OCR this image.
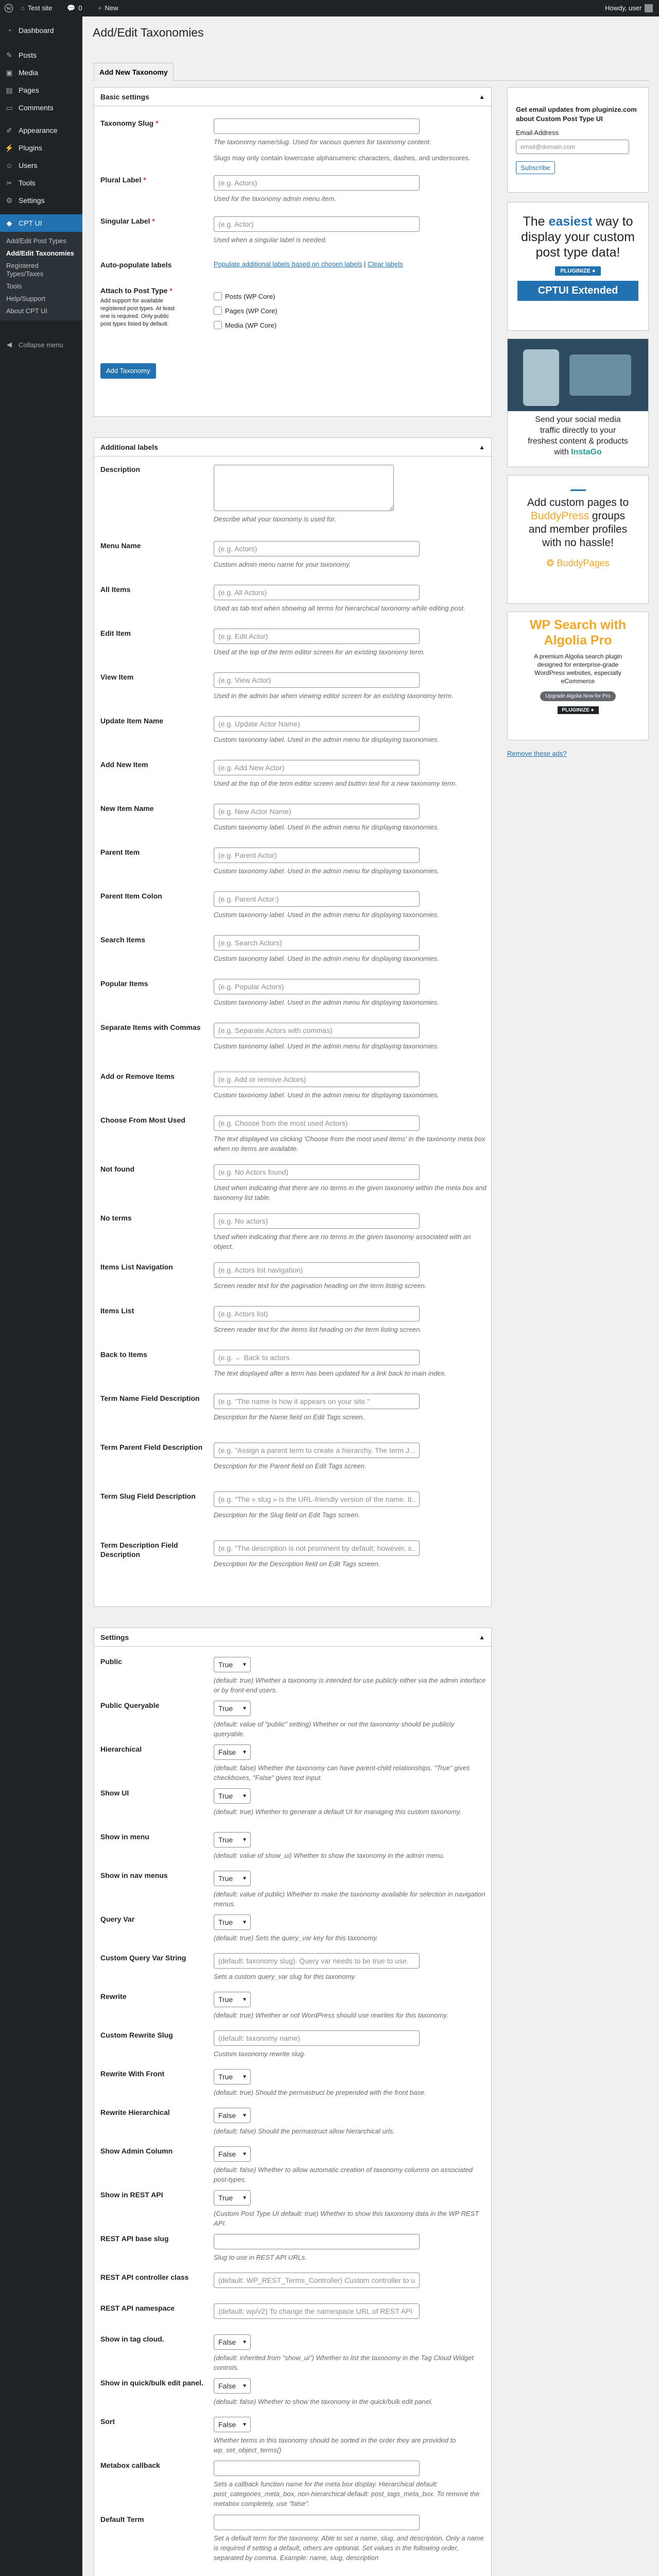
W ⌂ Test site 💬 0 + New	Howdy, user
◔ Dashboard
✎ Posts
▣ Media
▤ Pages
▭ Comments
✐ Appearance
⚡ Plugins
☺ Users
✂ Tools
⚙ Settings
◆ CPT UI
Add/Edit Post Types
Add/Edit Taxonomies
Registered Types/Taxes
Tools
Help/Support
About CPT UI
◀	Collapse menu
Add/Edit Taxonomies
Add New Taxonomy
Basic settings	▲
Taxonomy Slug *
The taxonomy name/slug. Used for various queries for taxonomy content.
Slugs may only contain lowercase alphanumeric characters, dashes, and underscores.
Plural Label *
(e.g. Actors)
Used for the taxonomy admin menu item.
Singular Label *
(e.g. Actor)
Used when a singular label is needed.
Auto-populate labels	Populate additional labels based on chosen labels | Clear labels
Attach to Post Type *
Add support for available registered post types. At least one is required. Only public post types listed by default.
Posts (WP Core)
Pages (WP Core)
Media (WP Core)
Add Taxonomy
Additional labels	▲
Description
Describe what your taxonomy is used for.
Menu Name
(e.g. Actors)
Custom admin menu name for your taxonomy.
All Items
(e.g. All Actors)
Used as tab text when showing all terms for hierarchical taxonomy while editing post.
Edit Item
(e.g. Edit Actor)
Used at the top of the term editor screen for an existing taxonomy term.
View Item
(e.g. View Actor)
Used in the admin bar when viewing editor screen for an existing taxonomy term.
Update Item Name
(e.g. Update Actor Name)
Custom taxonomy label. Used in the admin menu for displaying taxonomies.
Add New Item
(e.g. Add New Actor)
Used at the top of the term editor screen and button text for a new taxonomy term.
New Item Name
(e.g. New Actor Name)
Custom taxonomy label. Used in the admin menu for displaying taxonomies.
Parent Item
(e.g. Parent Actor)
Custom taxonomy label. Used in the admin menu for displaying taxonomies.
Parent Item Colon
(e.g. Parent Actor:)
Custom taxonomy label. Used in the admin menu for displaying taxonomies.
Search Items
(e.g. Search Actors)
Custom taxonomy label. Used in the admin menu for displaying taxonomies.
Popular Items
(e.g. Popular Actors)
Custom taxonomy label. Used in the admin menu for displaying taxonomies.
Separate Items with Commas
(e.g. Separate Actors with commas)
Custom taxonomy label. Used in the admin menu for displaying taxonomies.
Add or Remove Items
(e.g. Add or remove Actors)
Custom taxonomy label. Used in the admin menu for displaying taxonomies.
Choose From Most Used
(e.g. Choose from the most used Actors)
The text displayed via clicking 'Choose from the most used items' in the taxonomy meta box when no items are available.
Not found
(e.g. No Actors found)
Used when indicating that there are no terms in the given taxonomy within the meta box and taxonomy list table.
No terms
(e.g. No actors)
Used when indicating that there are no terms in the given taxonomy associated with an object.
Items List Navigation
(e.g. Actors list navigation)
Screen reader text for the pagination heading on the term listing screen.
Items List
(e.g. Actors list)
Screen reader text for the items list heading on the term listing screen.
Back to Items
(e.g. ← Back to actors
The text displayed after a term has been updated for a link back to main index.
Term Name Field Description
(e.g. "The name is how it appears on your site."
Description for the Name field on Edit Tags screen.
Term Parent Field Description
(e.g. "Assign a parent term to create a hierarchy. The term J...
Description for the Parent field on Edit Tags screen.
Term Slug Field Description
(e.g. "The « slug » is the URL-friendly version of the name. It...
Description for the Slug field on Edit Tags screen.
Term Description Field Description
(e.g. "The description is not prominent by default; however, s...
Description for the Description field on Edit Tags screen.
Settings	▲
Public	True ▼
(default: true) Whether a taxonomy is intended for use publicly either via the admin interface or by front-end users.
Public Queryable	True ▼
(default: value of "public" setting) Whether or not the taxonomy should be publicly queryable.
Hierarchical	False ▼
(default: false) Whether the taxonomy can have parent-child relationships. "True" gives checkboxes, "False" gives text input.
Show UI	True ▼
(default: true) Whether to generate a default UI for managing this custom taxonomy.
Show in menu	True ▼
(default: value of show_ui) Whether to show the taxonomy in the admin menu.
Show in nav menus	True ▼
(default: value of public) Whether to make the taxonomy available for selection in navigation menus.
Query Var	True ▼
(default: true) Sets the query_var key for this taxonomy.
Custom Query Var String
(default: taxonomy slug). Query var needs to be true to use.
Sets a custom query_var slug for this taxonomy.
Rewrite	True ▼
(default: true) Whether or not WordPress should use rewrites for this taxonomy.
Custom Rewrite Slug
(default: taxonomy name)
Custom taxonomy rewrite slug.
Rewrite With Front	True ▼
(default: true) Should the permastruct be prepended with the front base.
Rewrite Hierarchical	False ▼
(default: false) Should the permastruct allow hierarchical urls.
Show Admin Column	False ▼
(default: false) Whether to allow automatic creation of taxonomy columns on associated post-types.
Show in REST API	True ▼
(Custom Post Type UI default: true) Whether to show this taxonomy data in the WP REST API.
REST API base slug
Slug to use in REST API URLs.
REST API controller class
(default: WP_REST_Terms_Controller) Custom controller to use...
REST API namespace
(default: wp/v2) To change the namespace URL of REST API ro...
Show in tag cloud.	False ▼
(default: inherited from "show_ui") Whether to list the taxonomy in the Tag Cloud Widget controls.
Show in quick/bulk edit panel. False ▼
(default: false) Whether to show the taxonomy in the quick/bulk edit panel.
Sort	False ▼
Whether terms in this taxonomy should be sorted in the order they are provided to wp_set_object_terms()
Metabox callback
Sets a callback function name for the meta box display. Hierarchical default: post_categories_meta_box, non-hierarchical default: post_tags_meta_box. To remove the metabox completely, use "false".
Default Term
Set a default term for the taxonomy. Able to set a name, slug, and description. Only a name is required if setting a default, others are optional. Set values in the following order, separated by comma. Example: name, slug, description
Get email updates from pluginize.com about Custom Post Type UI
Email Address
email@domain.com Subscribe
The easiest way to
display your custom
post type data!
PLUGINIZE ●
CPTUI Extended
Send your social media
traffic directly to your
freshest content & products
with InstaGo
Add custom pages to
BuddyPress groups
and member profiles
with no hassle!
❂ BuddyPages
WP Search with
Algolia Pro
A premium Algolia search plugin designed for enterprise-grade WordPress websites, especially eCommerce
Upgrade Algolia Now for Pro
PLUGINIZE ●
Remove these ads?
